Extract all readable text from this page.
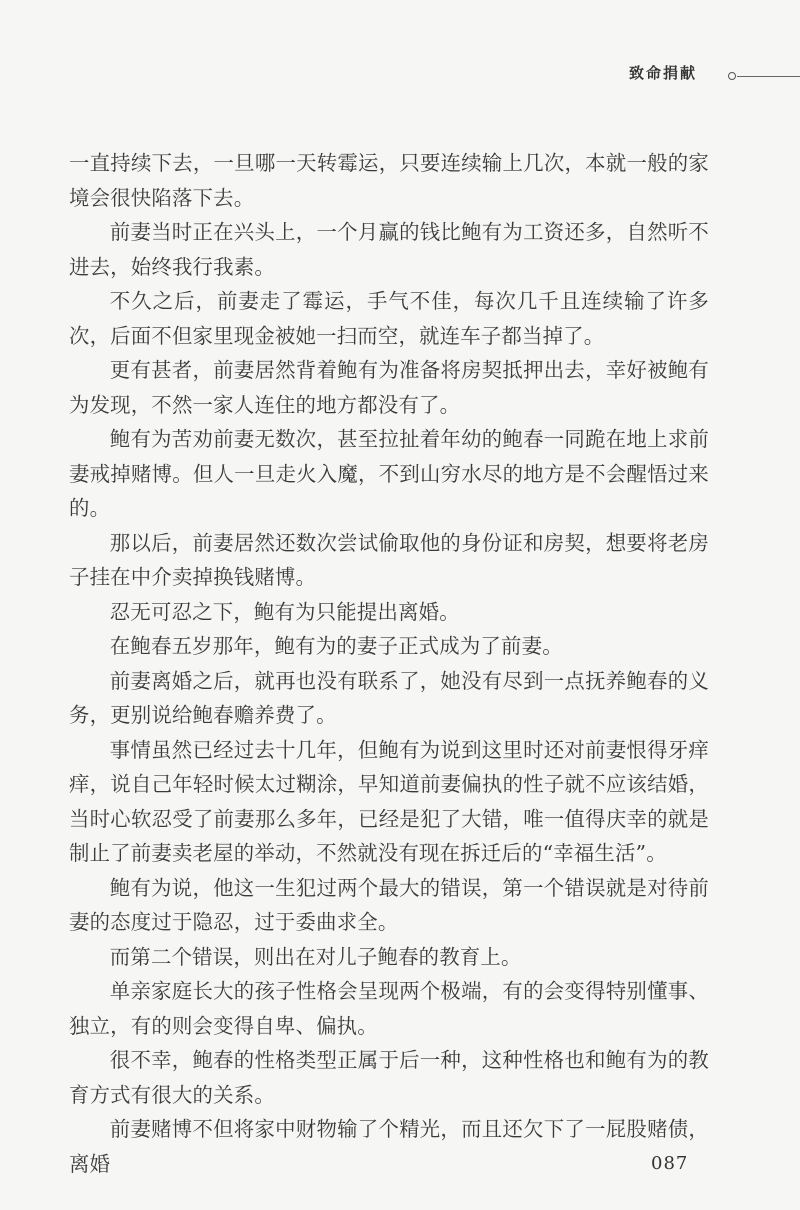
致命捐献

一直持续下去，一旦哪一天转霉运，只要连续输上几次，本就一般的家境会很快陷落下去。

前妻当时正在兴头上，一个月赢的钱比鲍有为工资还多，自然听不进去，始终我行我素。

不久之后，前妻走了霉运，手气不佳，每次几千且连续输了许多次，后面不但家里现金被她一扫而空，就连车子都当掉了。

更有甚者，前妻居然背着鲍有为准备将房契抵押出去，幸好被鲍有为发现，不然一家人连住的地方都没有了。

鲍有为苦劝前妻无数次，甚至拉扯着年幼的鲍春一同跪在地上求前妻戒掉赌博。但人一旦走火入魔，不到山穷水尽的地方是不会醒悟过来的。

那以后，前妻居然还数次尝试偷取他的身份证和房契，想要将老房子挂在中介卖掉换钱赌博。

忍无可忍之下，鲍有为只能提出离婚。

在鲍春五岁那年，鲍有为的妻子正式成为了前妻。

前妻离婚之后，就再也没有联系了，她没有尽到一点抚养鲍春的义务，更别说给鲍春赡养费了。

事情虽然已经过去十几年，但鲍有为说到这里时还对前妻恨得牙痒痒，说自己年轻时候太过糊涂，早知道前妻偏执的性子就不应该结婚，当时心软忍受了前妻那么多年，已经是犯了大错，唯一值得庆幸的就是制止了前妻卖老屋的举动，不然就没有现在拆迁后的“幸福生活”。

鲍有为说，他这一生犯过两个最大的错误，第一个错误就是对待前妻的态度过于隐忍，过于委曲求全。

而第二个错误，则出在对儿子鲍春的教育上。

单亲家庭长大的孩子性格会呈现两个极端，有的会变得特别懂事、独立，有的则会变得自卑、偏执。

很不幸，鲍春的性格类型正属于后一种，这种性格也和鲍有为的教育方式有很大的关系。

前妻赌博不但将家中财物输了个精光，而且还欠下了一屁股赌债，离婚	087
